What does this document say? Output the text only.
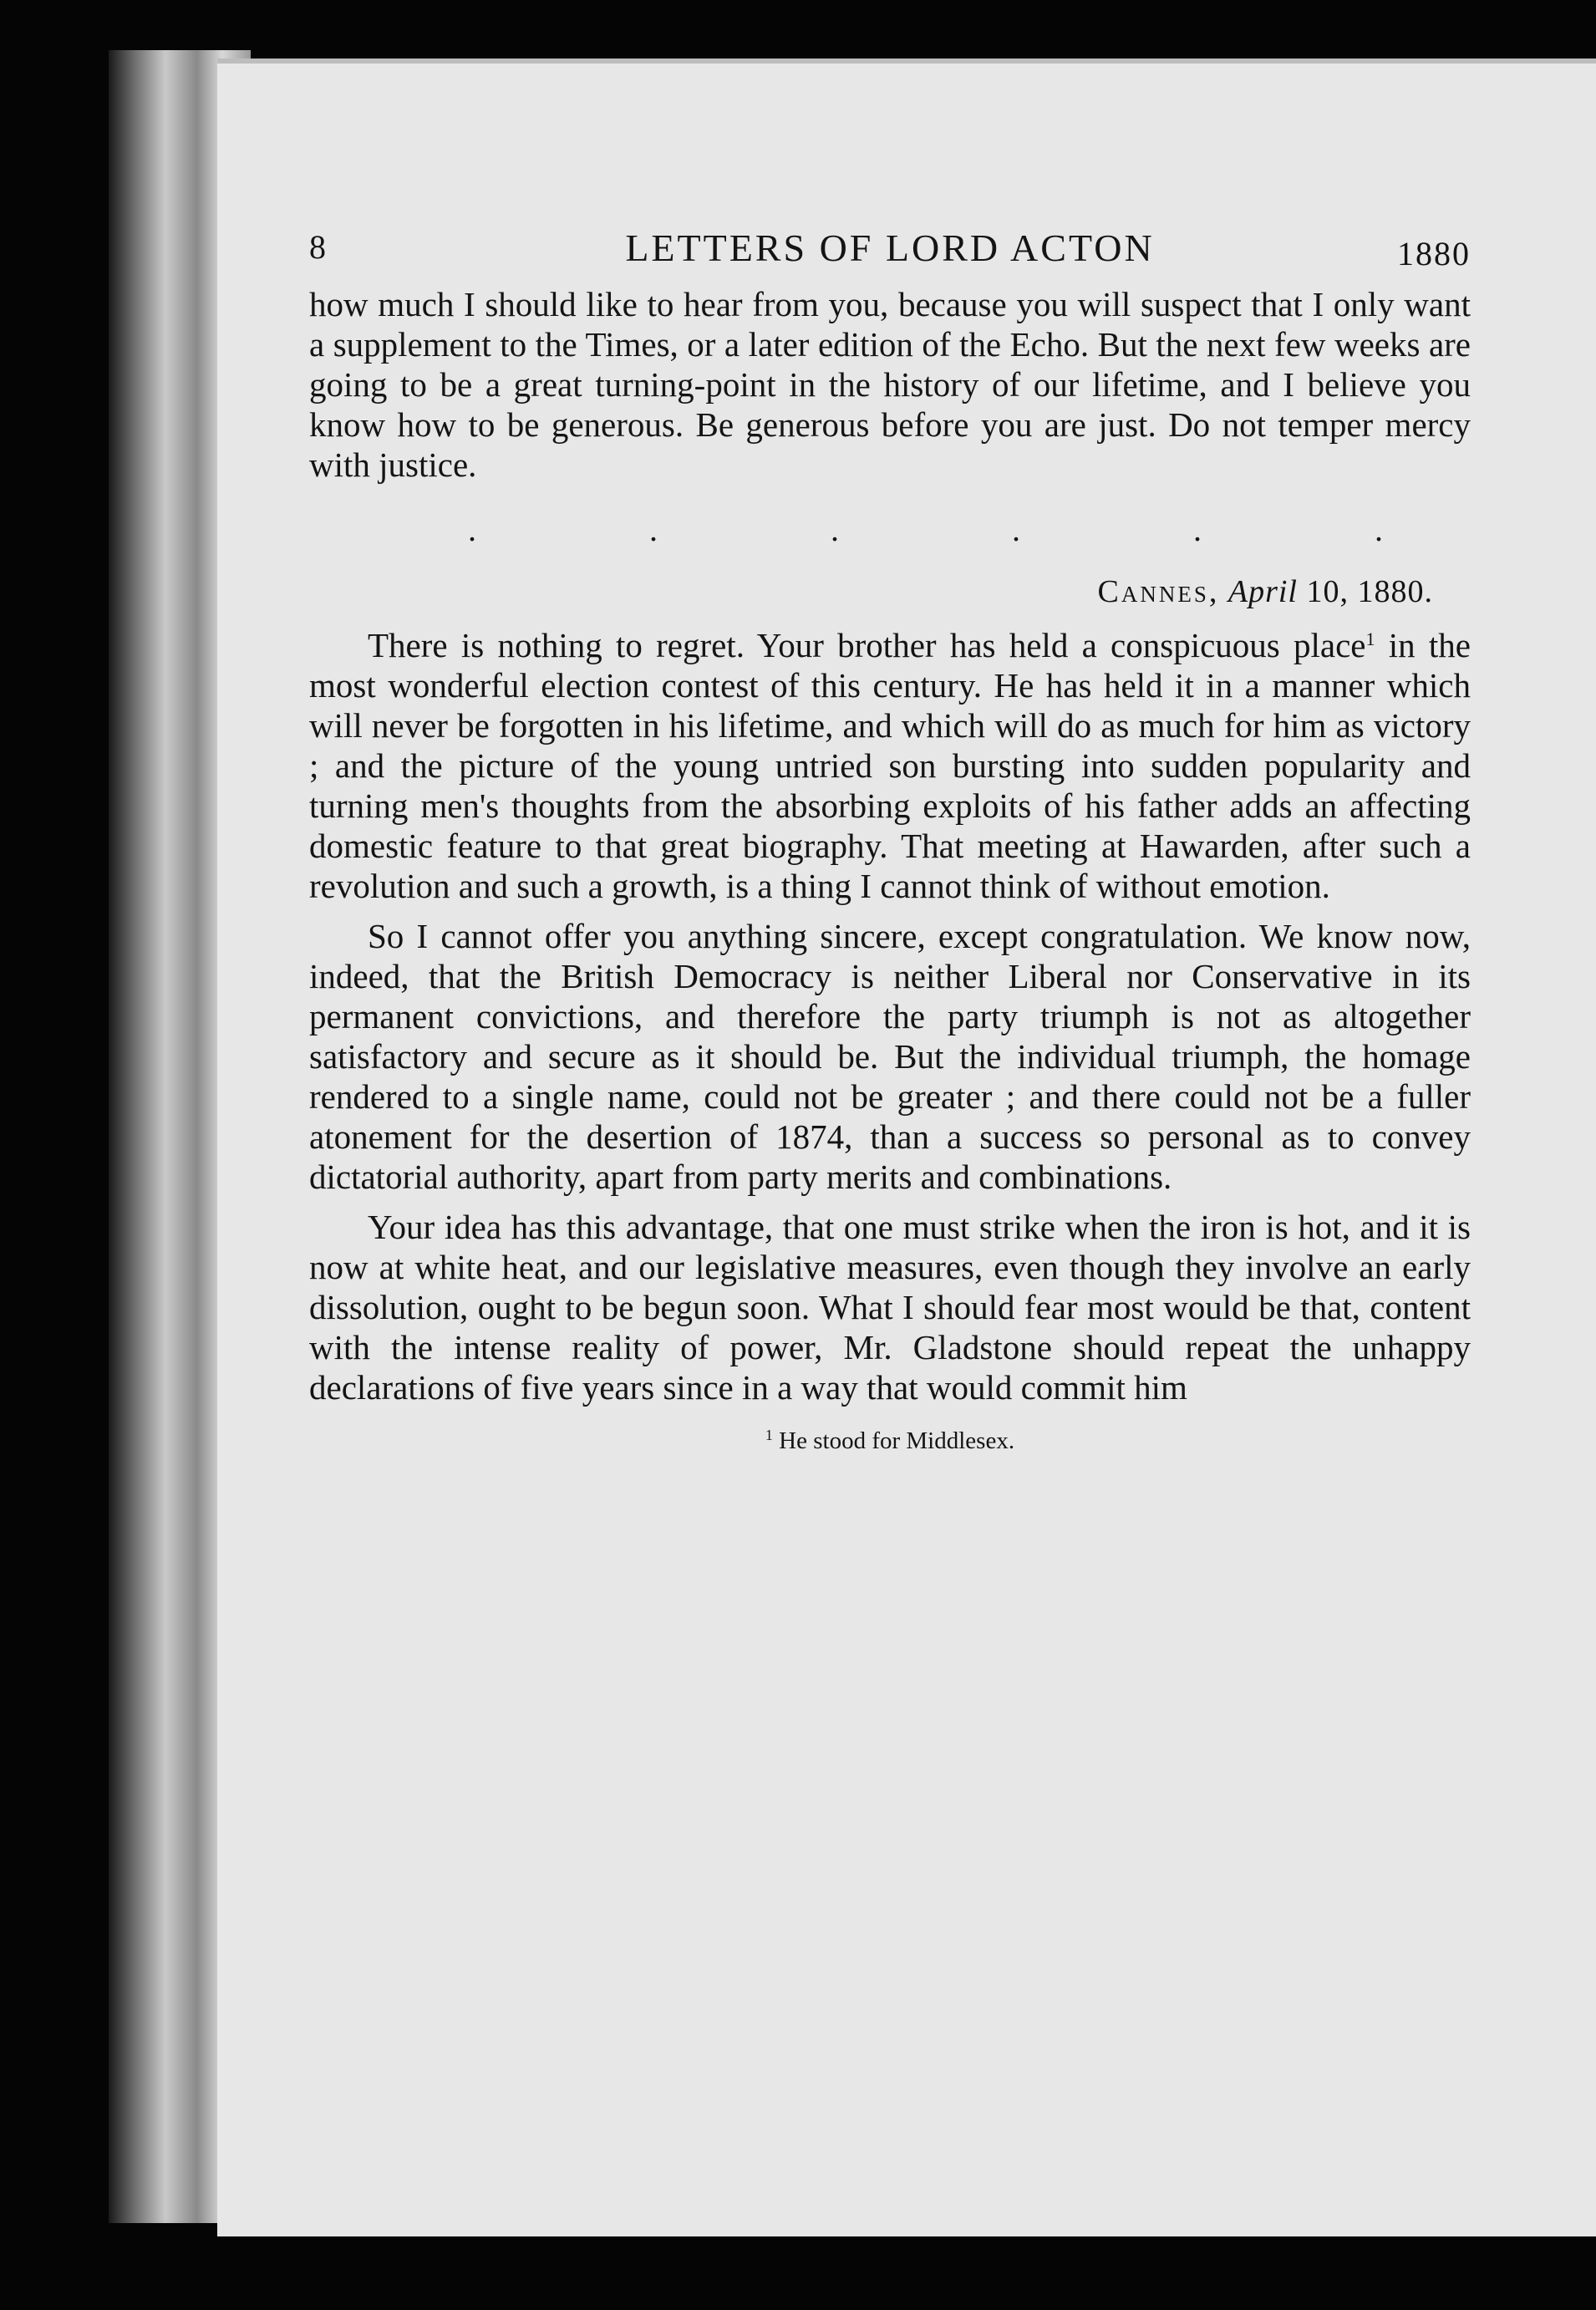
8	LETTERS OF LORD ACTON	1880

how much I should like to hear from you, because you will suspect that I only want a supplement to the Times, or a later edition of the Echo. But the next few weeks are going to be a great turning-point in the history of our lifetime, and I believe you know how to be generous. Be generous before you are just. Do not temper mercy with justice.

.	.	.	.	.	.
Cannes, April 10, 1880.

There is nothing to regret. Your brother has held a conspicuous place$^1$ in the most wonderful election contest of this century. He has held it in a manner which will never be forgotten in his lifetime, and which will do as much for him as victory ; and the picture of the young untried son bursting into sudden popularity and turning men's thoughts from the absorbing exploits of his father adds an affecting domestic feature to that great biography. That meeting at Hawarden, after such a revolution and such a growth, is a thing I cannot think of without emotion.

So I cannot offer you anything sincere, except congratulation. We know now, indeed, that the British Democracy is neither Liberal nor Conservative in its permanent convictions, and therefore the party triumph is not as altogether satisfactory and secure as it should be. But the individual triumph, the homage rendered to a single name, could not be greater ; and there could not be a fuller atonement for the desertion of 1874, than a success so personal as to convey dictatorial authority, apart from party merits and combinations.

Your idea has this advantage, that one must strike when the iron is hot, and it is now at white heat, and our legislative measures, even though they involve an early dissolution, ought to be begun soon. What I should fear most would be that, content with the intense reality of power, Mr. Gladstone should repeat the unhappy declarations of five years since in a way that would commit him

$^1$ He stood for Middlesex.
